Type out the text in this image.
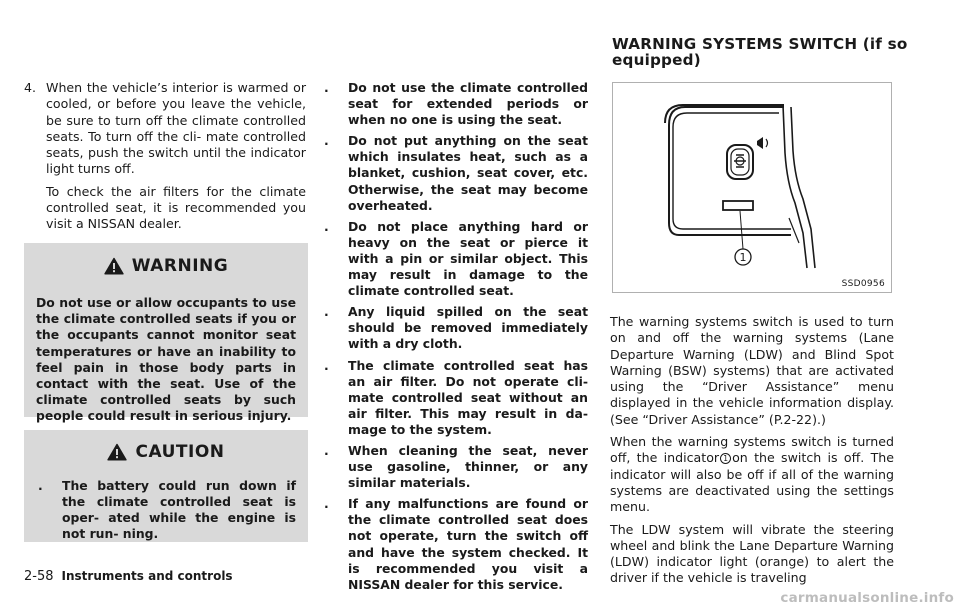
4. When the vehicle’s interior is warmed or cooled, or before you leave the vehicle, be sure to turn off the climate controlled seats. To turn off the cli- mate controlled seats, push the switch until the indicator light turns off.

To check the air filters for the climate controlled seat, it is recommended you visit a NISSAN dealer.

WARNING

Do not use or allow occupants to use the climate controlled seats if you or the occupants cannot monitor seat temperatures or have an inability to feel pain in those body parts in contact with the seat. Use of the climate controlled seats by such people could result in serious injury.

CAUTION
.	The battery could run down if the climate controlled seat is oper- ated while the engine is not run- ning.
.	Do not use the climate controlled seat for extended periods or when no one is using the seat.
.	Do not put anything on the seat which insulates heat, such as a blanket, cushion, seat cover, etc. Otherwise, the seat may become overheated.
.	Do not place anything hard or heavy on the seat or pierce it with a pin or similar object. This may result in damage to the climate controlled seat.
.	Any liquid spilled on the seat should be removed immediately with a dry cloth.
.	The climate controlled seat has an air filter. Do not operate cli- mate controlled seat without an air filter. This may result in da- mage to the system.
.	When cleaning the seat, never use gasoline, thinner, or any similar materials.
.	If any malfunctions are found or the climate controlled seat does not operate, turn the switch off and have the system checked. It is recommended you visit a NISSAN dealer for this service.
WARNING SYSTEMS SWITCH (if so equipped)
1
SSD0956

The warning systems switch is used to turn on and off the warning systems (Lane Departure Warning (LDW) and Blind Spot Warning (BSW) systems) that are activated using the “Driver Assistance” menu displayed in the vehicle information display. (See “Driver Assistance” (P.2-22).)

When the warning systems switch is turned off, the indicator 1 on the switch is off. The indicator will also be off if all of the warning systems are deactivated using the settings menu.

The LDW system will vibrate the steering wheel and blink the Lane Departure Warning (LDW) indicator light (orange) to alert the driver if the vehicle is traveling

2-58 Instruments and controls
carmanualsonline.info
